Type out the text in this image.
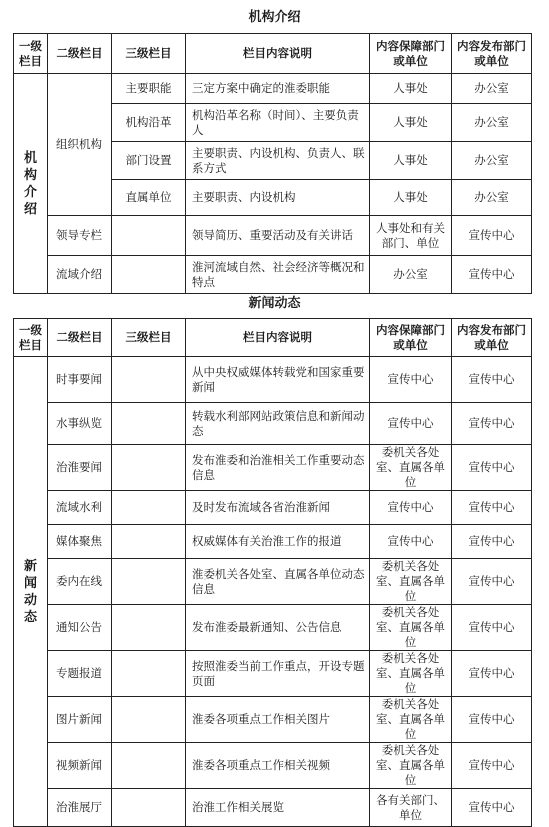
机构介绍
一级栏目	二级栏目	三级栏目	栏目内容说明	内容保障部门或单位	内容发布部门或单位
机构介绍	组织机构	主要职能	三定方案中确定的淮委职能	人事处	办公室
		机构沿革	机构沿革名称（时间）、主要负责人	人事处	办公室
		部门设置	主要职责、内设机构、负责人、联系方式	人事处	办公室
		直属单位	主要职责、内设机构	人事处	办公室
	领导专栏		领导简历、重要活动及有关讲话	人事处和有关部门、单位	宣传中心
	流域介绍		淮河流域自然、社会经济等概况和特点	办公室	宣传中心
新闻动态
一级栏目	二级栏目	三级栏目	栏目内容说明	内容保障部门或单位	内容发布部门或单位
新闻动态	时事要闻		从中央权威媒体转载党和国家重要新闻	宣传中心	宣传中心
	水事纵览		转载水利部网站政策信息和新闻动态	宣传中心	宣传中心
	治淮要闻		发布淮委和治淮相关工作重要动态信息	委机关各处室、直属各单位	宣传中心
	流域水利		及时发布流域各省治淮新闻	宣传中心	宣传中心
	媒体聚焦		权威媒体有关治淮工作的报道	宣传中心	宣传中心
	委内在线		淮委机关各处室、直属各单位动态信息	委机关各处室、直属各单位	宣传中心
	通知公告		发布淮委最新通知、公告信息	委机关各处室、直属各单位	宣传中心
	专题报道		按照淮委当前工作重点，开设专题页面	委机关各处室、直属各单位	宣传中心
	图片新闻		淮委各项重点工作相关图片	委机关各处室、直属各单位	宣传中心
	视频新闻		淮委各项重点工作相关视频	委机关各处室、直属各单位	宣传中心
	治淮展厅		治淮工作相关展览	各有关部门、单位	宣传中心
